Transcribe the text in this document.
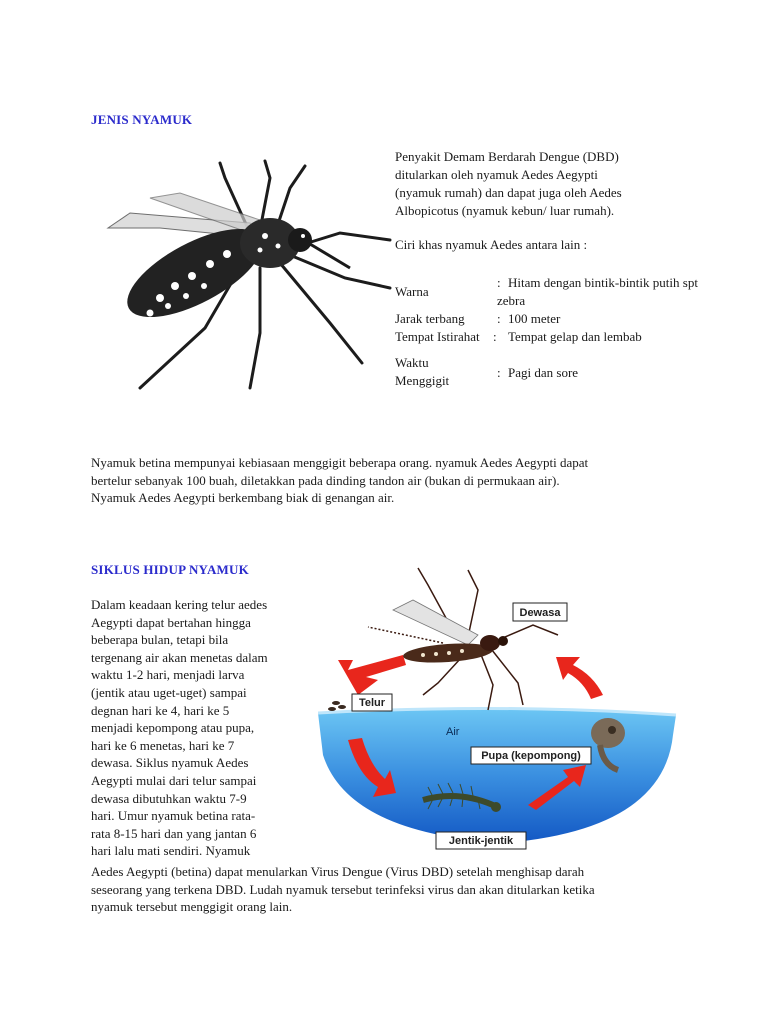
JENIS NYAMUK
Penyakit Demam Berdarah Dengue (DBD)
ditularkan oleh nyamuk Aedes Aegypti
(nyamuk rumah) dan dapat juga oleh Aedes
Albopicotus (nyamuk kebun/ luar rumah).
Ciri khas nyamuk Aedes antara lain :
Warna
: Hitam dengan bintik-bintik putih spt
zebra
Jarak terbang : 100 meter
Tempat Istirahat : Tempat gelap dan lembab
Waktu
Menggigit
: Pagi dan sore
Nyamuk betina mempunyai kebiasaan menggigit beberapa orang. nyamuk Aedes Aegypti dapat
bertelur sebanyak 100 buah, diletakkan pada dinding tandon air (bukan di permukaan air).
Nyamuk Aedes Aegypti berkembang biak di genangan air.
SIKLUS HIDUP NYAMUK
Dalam keadaan kering telur aedes
Aegypti dapat bertahan hingga
beberapa bulan, tetapi bila
tergenang air akan menetas dalam
waktu 1-2 hari, menjadi larva
(jentik atau uget-uget) sampai
degnan hari ke 4, hari ke 5
menjadi kepompong atau pupa,
hari ke 6 menetas, hari ke 7
dewasa. Siklus nyamuk Aedes
Aegypti mulai dari telur sampai
dewasa dibutuhkan waktu 7-9
hari. Umur nyamuk betina rata-
rata 8-15 hari dan yang jantan 6
hari lalu mati sendiri. Nyamuk
Dewasa
Telur
Air
Pupa (kepompong)
Jentik-jentik
Aedes Aegypti (betina) dapat menularkan Virus Dengue (Virus DBD) setelah menghisap darah
seseorang yang terkena DBD. Ludah nyamuk tersebut terinfeksi virus dan akan ditularkan ketika
nyamuk tersebut menggigit orang lain.
